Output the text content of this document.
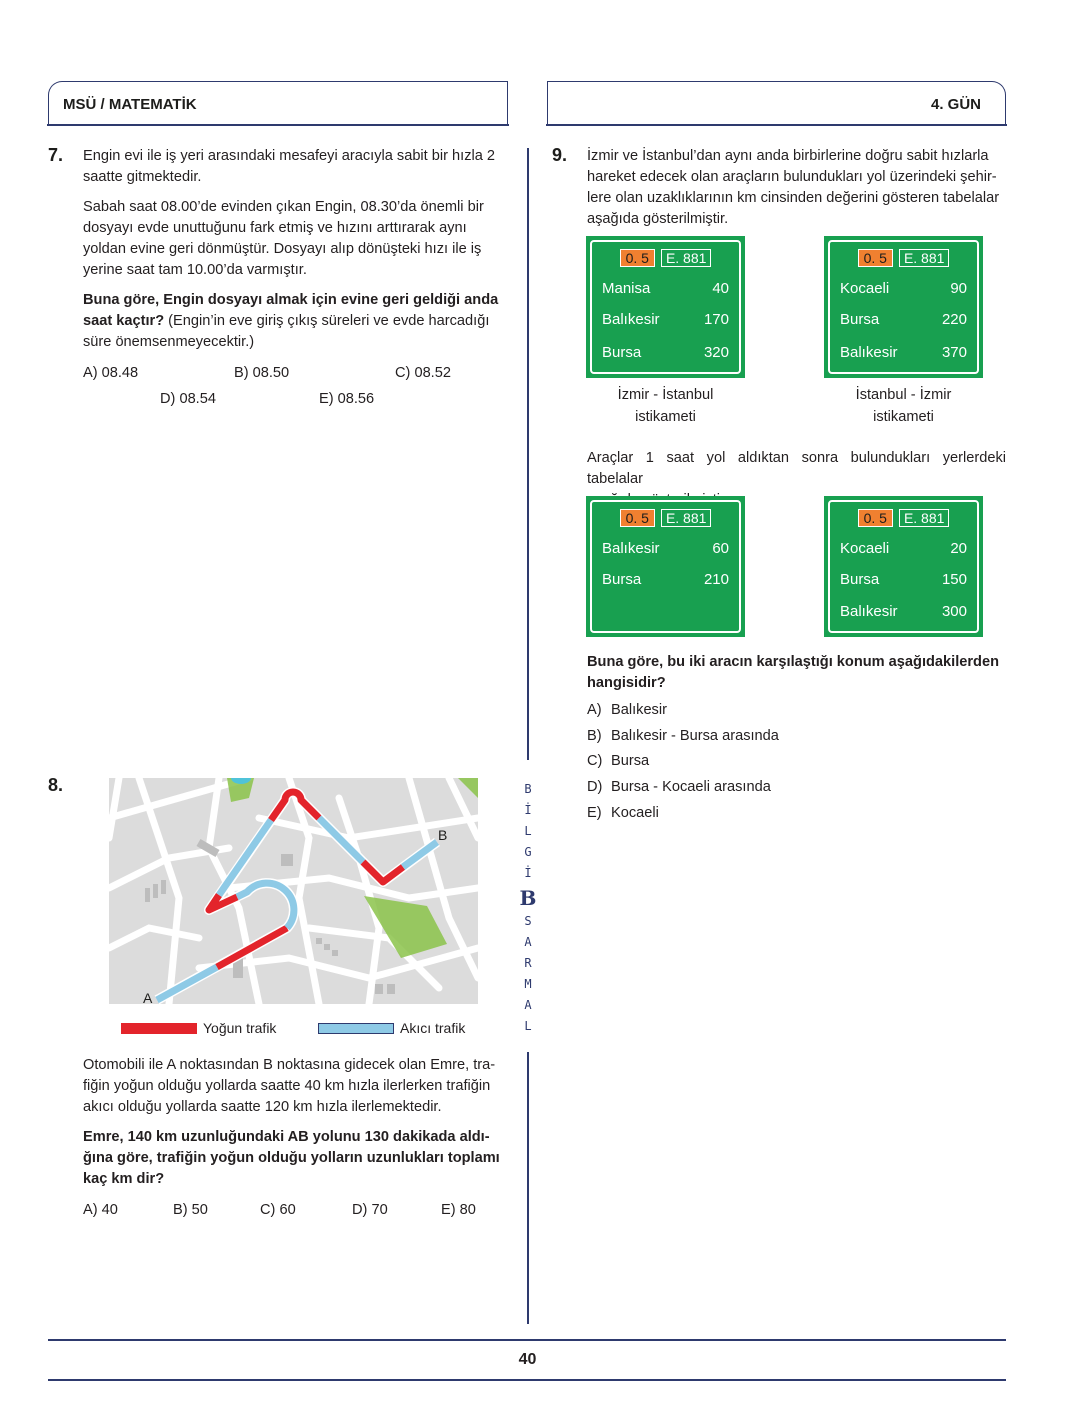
MSÜ / MATEMATİK	4. GÜN
B
İ
L
G
İ
B
S
A
R
M
A
L
7. Engin evi ile iş yeri arasındaki mesafeyi aracıyla sabit bir hızla 2
saatte gitmektedir.
Sabah saat 08.00’de evinden çıkan Engin, 08.30’da önemli bir
dosyayı evde unuttuğunu fark etmiş ve hızını arttırarak aynı
yoldan evine geri dönmüştür. Dosyayı alıp dönüşteki hızı ile iş
yerine saat tam 10.00’da varmıştır.
Buna göre, Engin dosyayı almak için evine geri geldiği anda
saat kaçtır? (Engin’in eve giriş çıkış süreleri ve evde harcadığı
süre önemsenmeyecektir.)
A) 08.48	B) 08.50	C) 08.52
D) 08.54	E) 08.56
8.
A
B
Yoğun trafik	Akıcı trafik
Otomobili ile A noktasından B noktasına gidecek olan Emre, tra-
fiğin yoğun olduğu yollarda saatte 40 km hızla ilerlerken trafiğin
akıcı olduğu yollarda saatte 120 km hızla ilerlemektedir.
Emre, 140 km uzunluğundaki AB yolunu 130 dakikada aldı-
ğına göre, trafiğin yoğun olduğu yolların uzunlukları toplamı
kaç km dir?
A) 40	B) 50	C) 60	D) 70	E) 80
9. İzmir ve İstanbul’dan aynı anda birbirlerine doğru sabit hızlarla
hareket edecek olan araçların bulundukları yol üzerindeki şehir-
lere olan uzaklıklarının km cinsinden değerini gösteren tabelalar
aşağıda gösterilmiştir.
0. 5	E. 881
Manisa	40
Balıkesir	170
Bursa	320
İzmir - İstanbul
istikameti
0. 5	E. 881
Kocaeli	90
Bursa	220
Balıkesir	370
İstanbul - İzmir
istikameti
Araçlar 1 saat yol aldıktan sonra bulundukları yerlerdeki tabelalar
0. 5	E. 881
Balıkesir	60
Bursa	210
0. 5	E. 881
Kocaeli	20
Bursa	150
Balıkesir	300
Buna göre, bu iki aracın karşılaştığı konum aşağıdakilerden
hangisidir?
A) Balıkesir
B) Balıkesir - Bursa arasında
C) Bursa
D) Bursa - Kocaeli arasında
E) Kocaeli
40
